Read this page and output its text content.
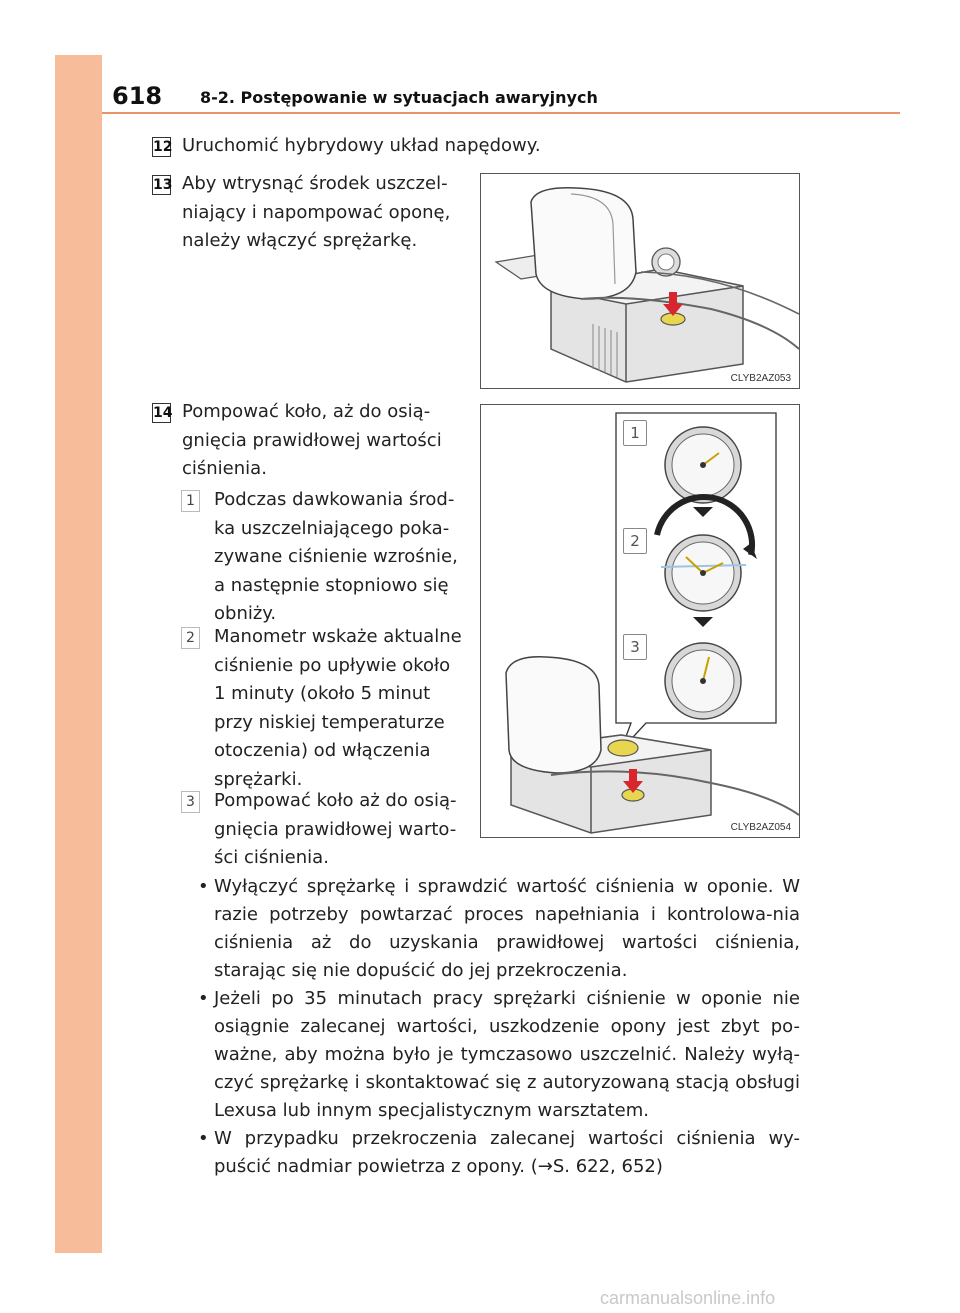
618 8-2. Postępowanie w sytuacjach awaryjnych
12 Uruchomić hybrydowy układ napędowy.
13 Aby wtrysnąć środek uszczel-
niający i napompować oponę,
należy włączyć sprężarkę.
CLYB2AZ053
14 Pompować koło, aż do osią-
gnięcia prawidłowej wartości
ciśnienia.
1 Podczas dawkowania środ-
ka uszczelniającego poka-
zywane ciśnienie wzrośnie,
a następnie stopniowo się
obniży.
2 Manometr wskaże aktualne
ciśnienie po upływie około
1 minuty (około 5 minut
przy niskiej temperaturze
otoczenia) od włączenia
sprężarki.
3 Pompować koło aż do osią-
gnięcia prawidłowej warto-
ści ciśnienia.
1
2
3
CLYB2AZ054
• Wyłączyć sprężarkę i sprawdzić wartość ciśnienia w oponie. W razie potrzeby powtarzać proces napełniania i kontrolowa-nia ciśnienia aż do uzyskania prawidłowej wartości ciśnienia, starając się nie dopuścić do jej przekroczenia.
• Jeżeli po 35 minutach pracy sprężarki ciśnienie w oponie nie osiągnie zalecanej wartości, uszkodzenie opony jest zbyt po-ważne, aby można było je tymczasowo uszczelnić. Należy wyłą-czyć sprężarkę i skontaktować się z autoryzowaną stacją obsługi Lexusa lub innym specjalistycznym warsztatem.
• W przypadku przekroczenia zalecanej wartości ciśnienia wy-puścić nadmiar powietrza z opony. (→S. 622, 652)
carmanualsonline.info
